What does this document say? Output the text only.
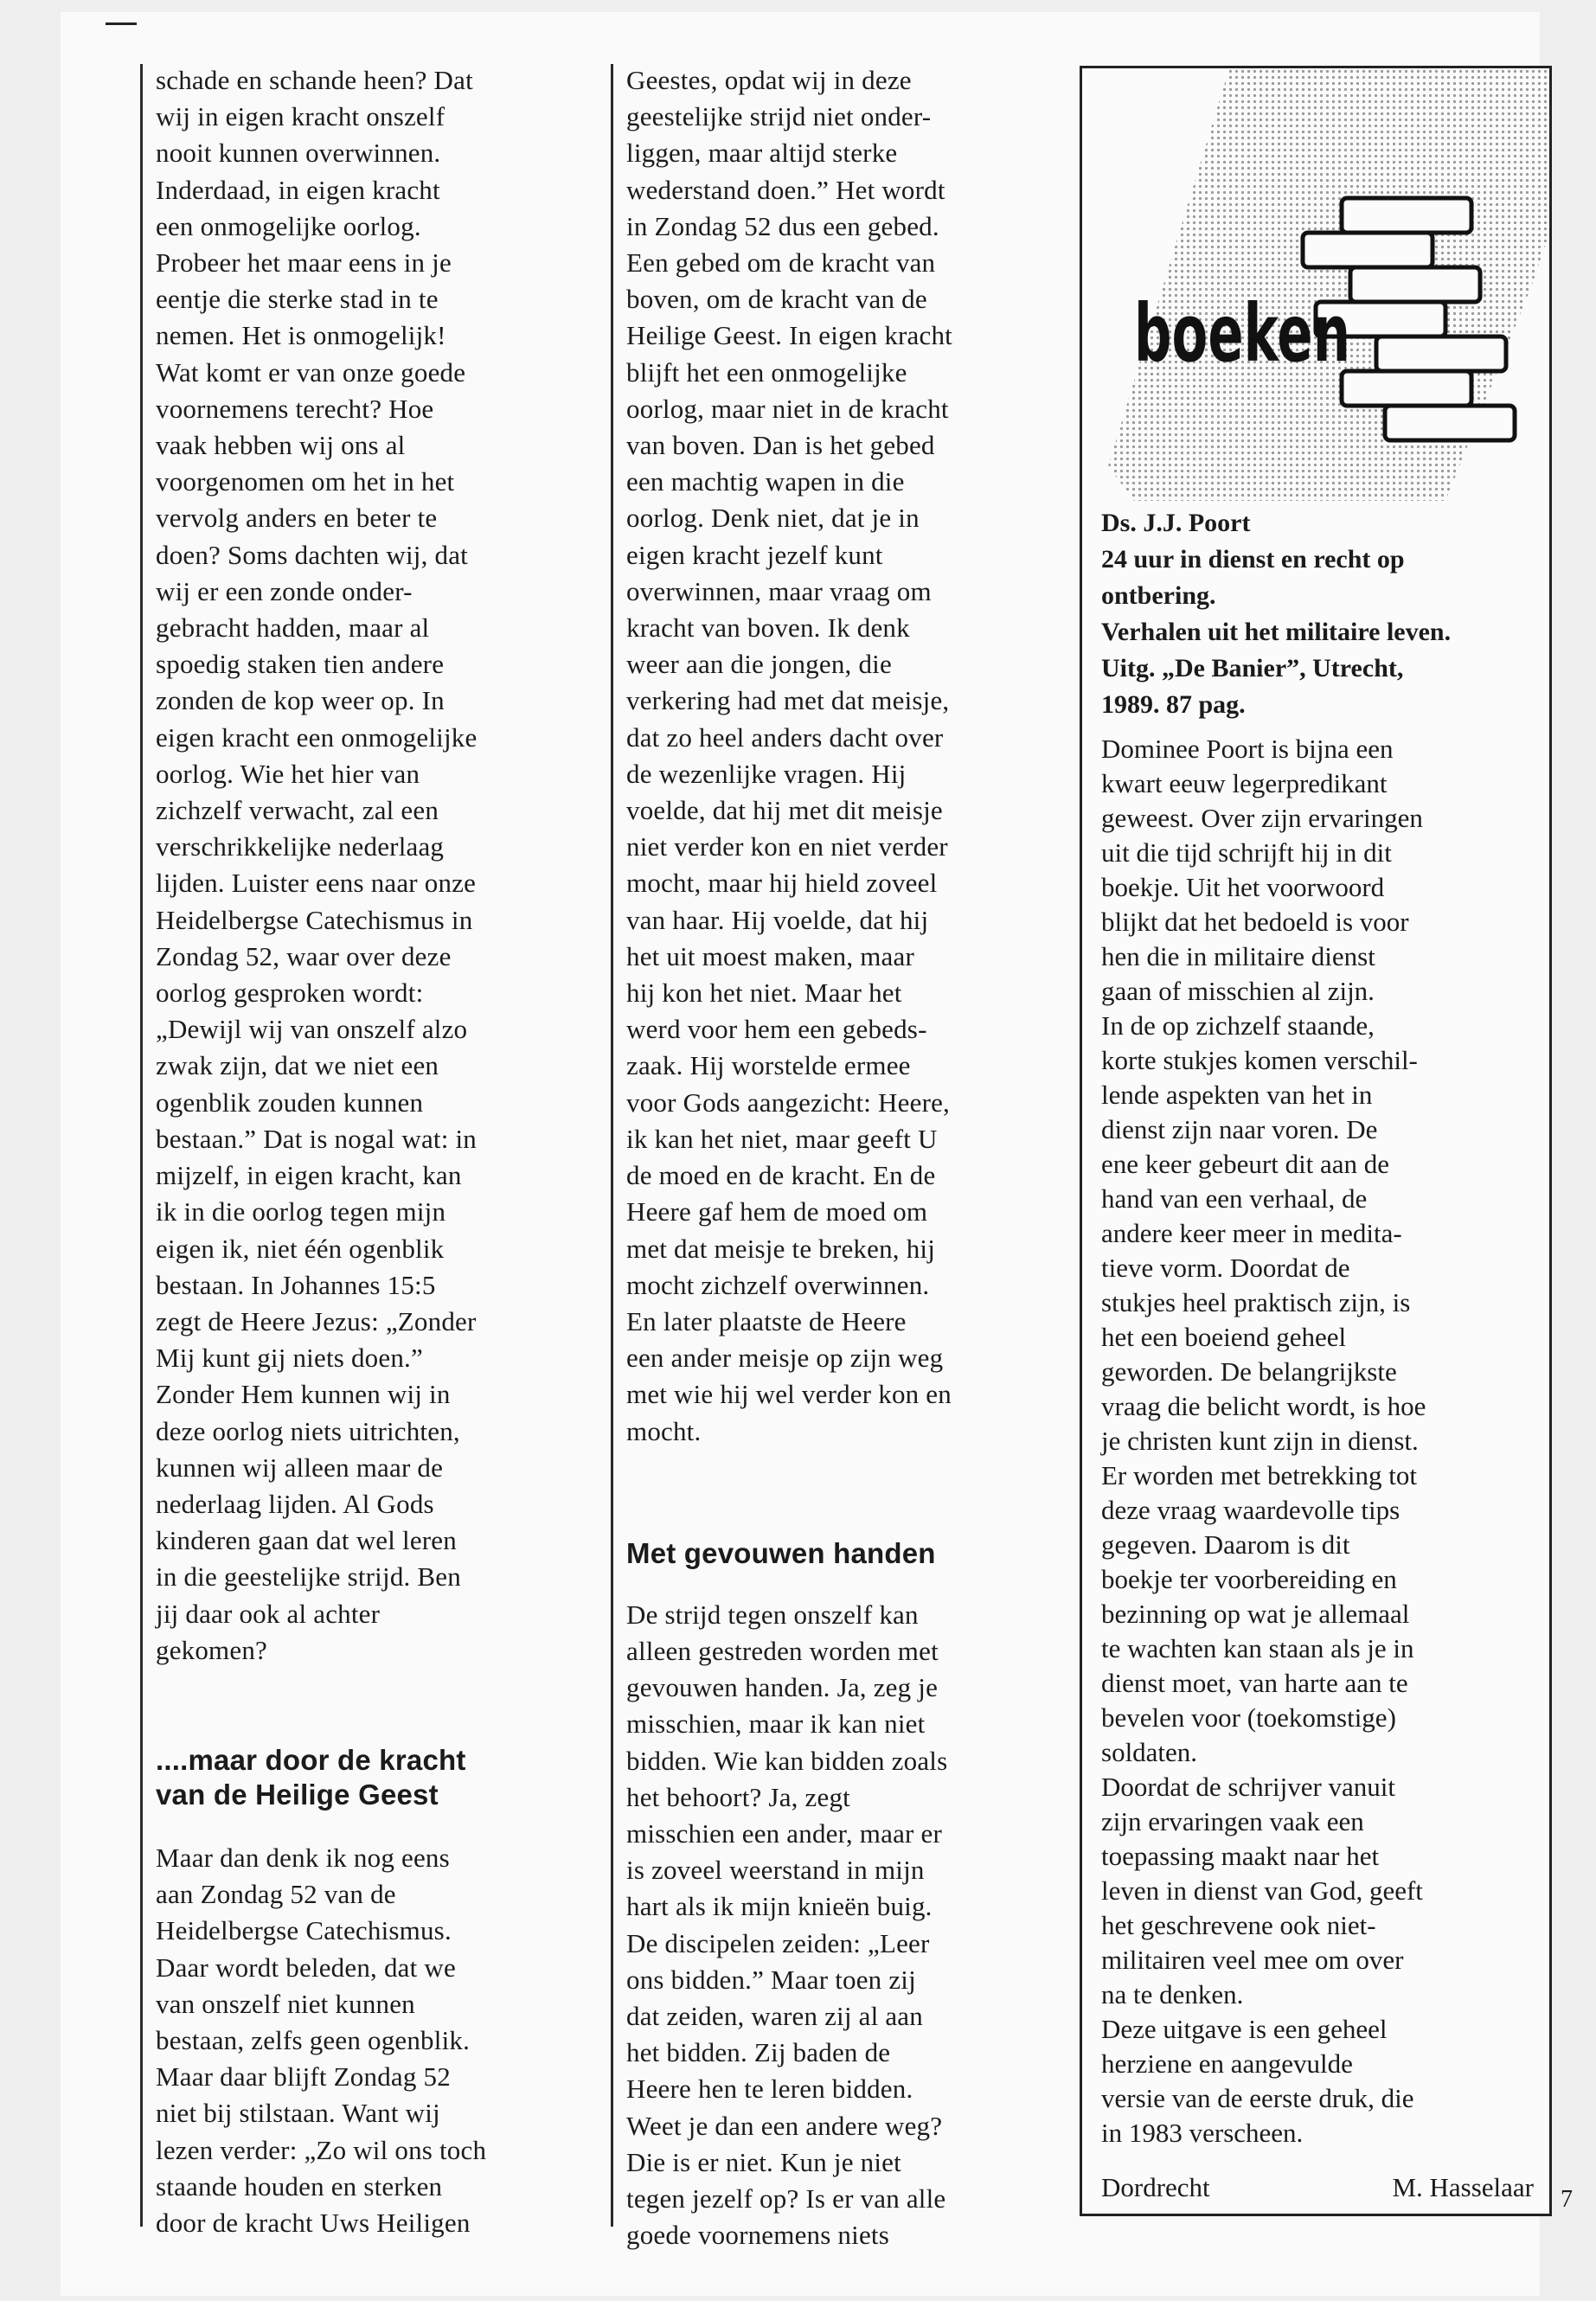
schade en schande heen? Dat
wij in eigen kracht onszelf
nooit kunnen overwinnen.
Inderdaad, in eigen kracht
een onmogelijke oorlog.
Probeer het maar eens in je
eentje die sterke stad in te
nemen. Het is onmogelijk!
Wat komt er van onze goede
voornemens terecht? Hoe
vaak hebben wij ons al
voorgenomen om het in het
vervolg anders en beter te
doen? Soms dachten wij, dat
wij er een zonde onder-
gebracht hadden, maar al
spoedig staken tien andere
zonden de kop weer op. In
eigen kracht een onmogelijke
oorlog. Wie het hier van
zichzelf verwacht, zal een
verschrikkelijke nederlaag
lijden. Luister eens naar onze
Heidelbergse Catechismus in
Zondag 52, waar over deze
oorlog gesproken wordt:
„Dewijl wij van onszelf alzo
zwak zijn, dat we niet een
ogenblik zouden kunnen
bestaan.” Dat is nogal wat: in
mijzelf, in eigen kracht, kan
ik in die oorlog tegen mijn
eigen ik, niet één ogenblik
bestaan. In Johannes 15:5
zegt de Heere Jezus: „Zonder
Mij kunt gij niets doen.”
Zonder Hem kunnen wij in
deze oorlog niets uitrichten,
kunnen wij alleen maar de
nederlaag lijden. Al Gods
kinderen gaan dat wel leren
in die geestelijke strijd. Ben
jij daar ook al achter
gekomen?

....maar door de kracht
van de Heilige Geest

Maar dan denk ik nog eens
aan Zondag 52 van de
Heidelbergse Catechismus.
Daar wordt beleden, dat we
van onszelf niet kunnen
bestaan, zelfs geen ogenblik.
Maar daar blijft Zondag 52
niet bij stilstaan. Want wij
lezen verder: „Zo wil ons toch
staande houden en sterken
door de kracht Uws Heiligen

Geestes, opdat wij in deze
geestelijke strijd niet onder-
liggen, maar altijd sterke
wederstand doen.” Het wordt
in Zondag 52 dus een gebed.
Een gebed om de kracht van
boven, om de kracht van de
Heilige Geest. In eigen kracht
blijft het een onmogelijke
oorlog, maar niet in de kracht
van boven. Dan is het gebed
een machtig wapen in die
oorlog. Denk niet, dat je in
eigen kracht jezelf kunt
overwinnen, maar vraag om
kracht van boven. Ik denk
weer aan die jongen, die
verkering had met dat meisje,
dat zo heel anders dacht over
de wezenlijke vragen. Hij
voelde, dat hij met dit meisje
niet verder kon en niet verder
mocht, maar hij hield zoveel
van haar. Hij voelde, dat hij
het uit moest maken, maar
hij kon het niet. Maar het
werd voor hem een gebeds-
zaak. Hij worstelde ermee
voor Gods aangezicht: Heere,
ik kan het niet, maar geeft U
de moed en de kracht. En de
Heere gaf hem de moed om
met dat meisje te breken, hij
mocht zichzelf overwinnen.
En later plaatste de Heere
een ander meisje op zijn weg
met wie hij wel verder kon en
mocht.

Met gevouwen handen

De strijd tegen onszelf kan
alleen gestreden worden met
gevouwen handen. Ja, zeg je
misschien, maar ik kan niet
bidden. Wie kan bidden zoals
het behoort? Ja, zegt
misschien een ander, maar er
is zoveel weerstand in mijn
hart als ik mijn knieën buig.
De discipelen zeiden: „Leer
ons bidden.” Maar toen zij
dat zeiden, waren zij al aan
het bidden. Zij baden de
Heere hen te leren bidden.
Weet je dan een andere weg?
Die is er niet. Kun je niet
tegen jezelf op? Is er van alle
goede voornemens niets

boeken

Ds. J.J. Poort
24 uur in dienst en recht op
ontbering.
Verhalen uit het militaire leven.
Uitg. „De Banier”, Utrecht,
1989. 87 pag.

Dominee Poort is bijna een
kwart eeuw legerpredikant
geweest. Over zijn ervaringen
uit die tijd schrijft hij in dit
boekje. Uit het voorwoord
blijkt dat het bedoeld is voor
hen die in militaire dienst
gaan of misschien al zijn.
In de op zichzelf staande,
korte stukjes komen verschil-
lende aspekten van het in
dienst zijn naar voren. De
ene keer gebeurt dit aan de
hand van een verhaal, de
andere keer meer in medita-
tieve vorm. Doordat de
stukjes heel praktisch zijn, is
het een boeiend geheel
geworden. De belangrijkste
vraag die belicht wordt, is hoe
je christen kunt zijn in dienst.
Er worden met betrekking tot
deze vraag waardevolle tips
gegeven. Daarom is dit
boekje ter voorbereiding en
bezinning op wat je allemaal
te wachten kan staan als je in
dienst moet, van harte aan te
bevelen voor (toekomstige)
soldaten.
Doordat de schrijver vanuit
zijn ervaringen vaak een
toepassing maakt naar het
leven in dienst van God, geeft
het geschrevene ook niet-
militairen veel mee om over
na te denken.
Deze uitgave is een geheel
herziene en aangevulde
versie van de eerste druk, die
in 1983 verscheen.

Dordrecht	M. Hasselaar 7
